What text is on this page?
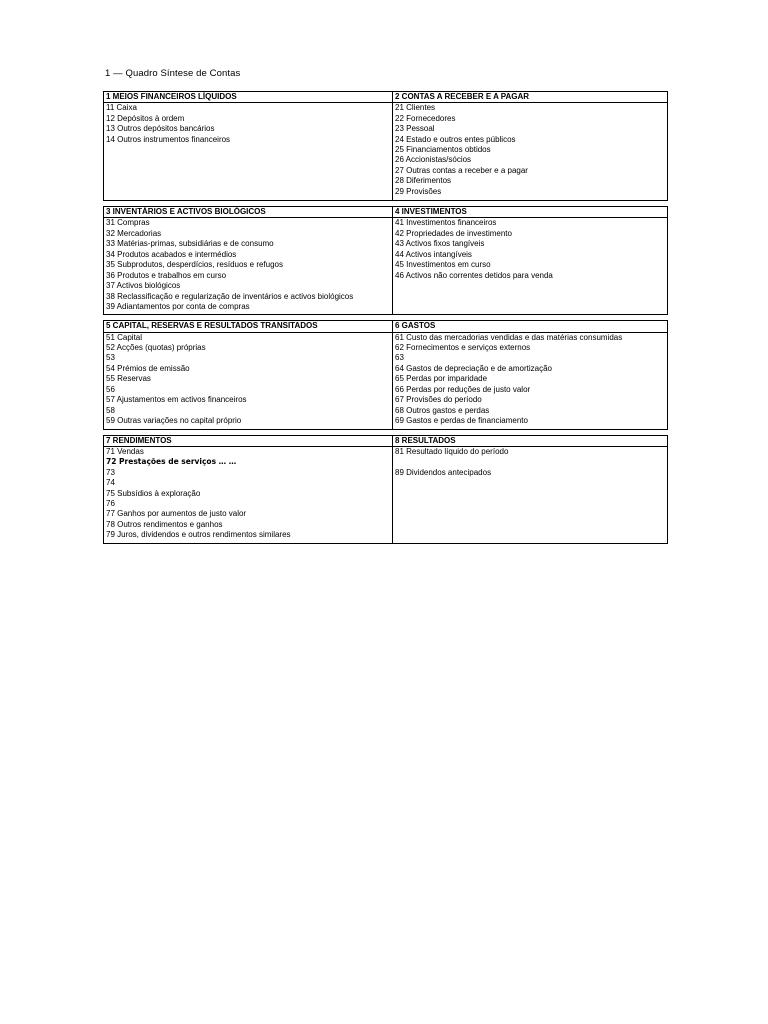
1 — Quadro Síntese de Contas
1 MEIOS FINANCEIROS LÍQUIDOS
11 Caixa
12 Depósitos à ordem
13 Outros depósitos bancários
14 Outros instrumentos financeiros
2 CONTAS A RECEBER E A PAGAR
21 Clientes
22 Fornecedores
23 Pessoal
24 Estado e outros entes públicos
25 Financiamentos obtidos
26 Accionistas/sócios
27 Outras contas a receber e a pagar
28 Diferimentos
29 Provisões
3 INVENTÁRIOS E ACTIVOS BIOLÓGICOS
31 Compras
32 Mercadorias
33 Matérias-primas, subsidiárias e de consumo
34 Produtos acabados e intermédios
35 Subprodutos, desperdícios, resíduos e refugos
36 Produtos e trabalhos em curso
37 Activos biológicos
38 Reclassificação e regularização de inventários e activos biológicos
39 Adiantamentos por conta de compras
4 INVESTIMENTOS
41 Investimentos financeiros
42 Propriedades de investimento
43 Activos fixos tangíveis
44 Activos intangíveis
45 Investimentos em curso
46 Activos não correntes detidos para venda
5 CAPITAL, RESERVAS E RESULTADOS TRANSITADOS
51 Capital
52 Acções (quotas) próprias
53
54 Prémios de emissão
55 Reservas
56
57 Ajustamentos em activos financeiros
58
59 Outras variações no capital próprio
6 GASTOS
61 Custo das mercadorias vendidas e das matérias consumidas
62 Fornecimentos e serviços externos
63
64 Gastos de depreciação e de amortização
65 Perdas por imparidade
66 Perdas por reduções de justo valor
67 Provisões do período
68 Outros gastos e perdas
69 Gastos e perdas de financiamento
7 RENDIMENTOS
71 Vendas
72 Prestações de serviços … …
73
74
75 Subsídios à exploração
76
77 Ganhos por aumentos de justo valor
78 Outros rendimentos e ganhos
79 Juros, dividendos e outros rendimentos similares
8 RESULTADOS
81 Resultado líquido do período
89 Dividendos antecipados
